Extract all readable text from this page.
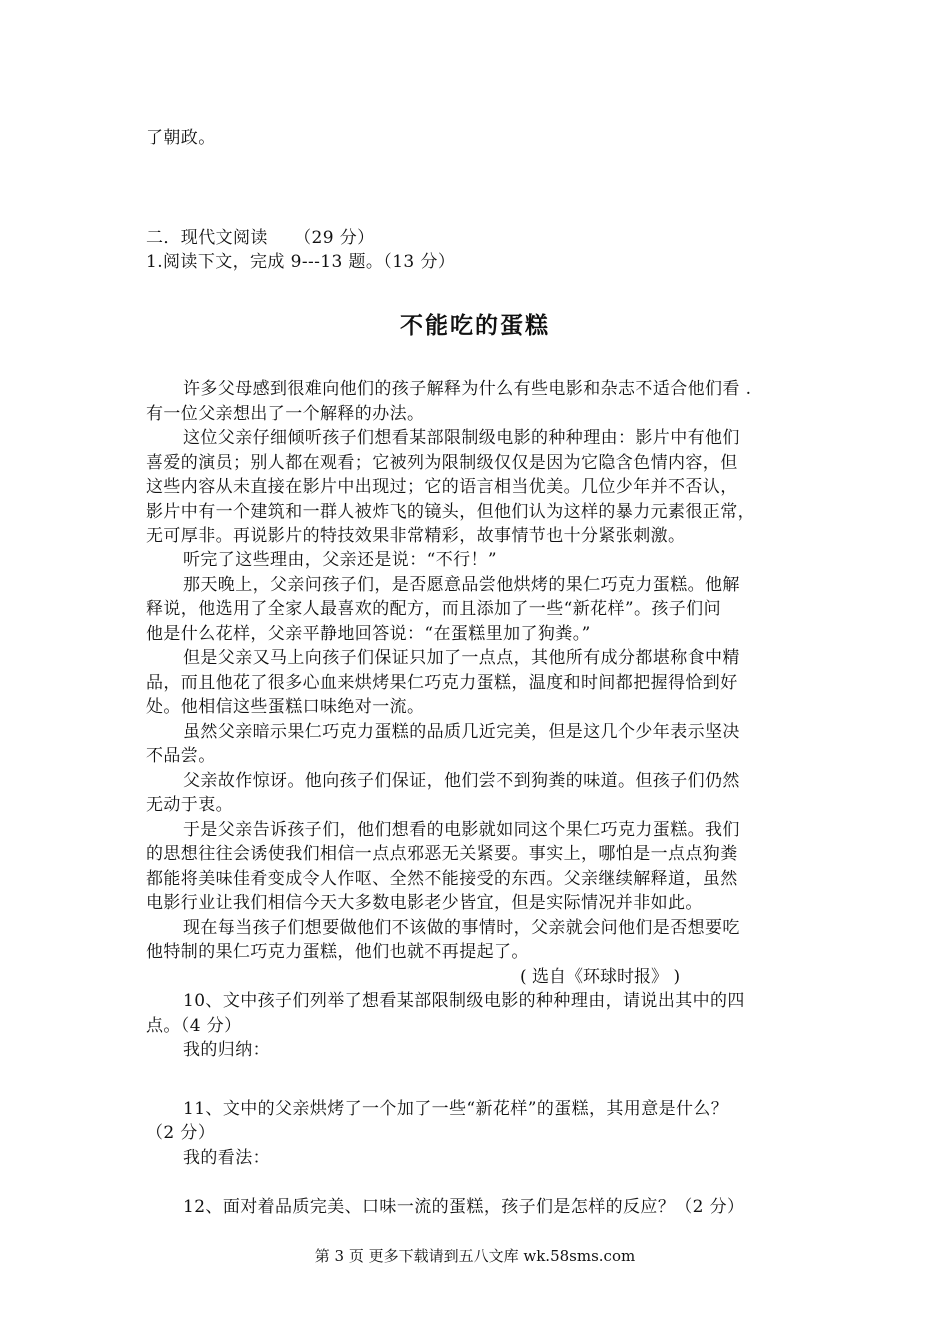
了朝政。
二．现代文阅读　　（29 分）
1.阅读下文，完成 9---13 题。（13 分）
不能吃的蛋糕
许多父母感到很难向他们的孩子解释为什么有些电影和杂志不适合他们看 .
有一位父亲想出了一个解释的办法。
这位父亲仔细倾听孩子们想看某部限制级电影的种种理由：影片中有他们
喜爱的演员；别人都在观看；它被列为限制级仅仅是因为它隐含色情内容，但
这些内容从未直接在影片中出现过；它的语言相当优美。几位少年并不否认，
影片中有一个建筑和一群人被炸飞的镜头，但他们认为这样的暴力元素很正常，
无可厚非。再说影片的特技效果非常精彩，故事情节也十分紧张刺激。
听完了这些理由，父亲还是说：“不行！”
那天晚上，父亲问孩子们，是否愿意品尝他烘烤的果仁巧克力蛋糕。他解
释说，他选用了全家人最喜欢的配方，而且添加了一些“新花样”。孩子们问
他是什么花样，父亲平静地回答说：“在蛋糕里加了狗粪。”
但是父亲又马上向孩子们保证只加了一点点，其他所有成分都堪称食中精
品，而且他花了很多心血来烘烤果仁巧克力蛋糕，温度和时间都把握得恰到好
处。他相信这些蛋糕口味绝对一流。
虽然父亲暗示果仁巧克力蛋糕的品质几近完美，但是这几个少年表示坚决
不品尝。
父亲故作惊讶。他向孩子们保证，他们尝不到狗粪的味道。但孩子们仍然
无动于衷。
于是父亲告诉孩子们，他们想看的电影就如同这个果仁巧克力蛋糕。我们
的思想往往会诱使我们相信一点点邪恶无关紧要。事实上，哪怕是一点点狗粪
都能将美味佳肴变成令人作呕、全然不能接受的东西。父亲继续解释道，虽然
电影行业让我们相信今天大多数电影老少皆宜，但是实际情况并非如此。
现在每当孩子们想要做他们不该做的事情时，父亲就会问他们是否想要吃
他特制的果仁巧克力蛋糕，他们也就不再提起了。
( 选自《环球时报》 )
10、文中孩子们列举了想看某部限制级电影的种种理由，请说出其中的四
点。（4 分）
我的归纳：
11、文中的父亲烘烤了一个加了一些“新花样”的蛋糕，其用意是什么？
（2 分）
我的看法：
12、面对着品质完美、口味一流的蛋糕，孩子们是怎样的反应？（2 分）
第 3 页 更多下载请到五八文库 wk.58sms.com
